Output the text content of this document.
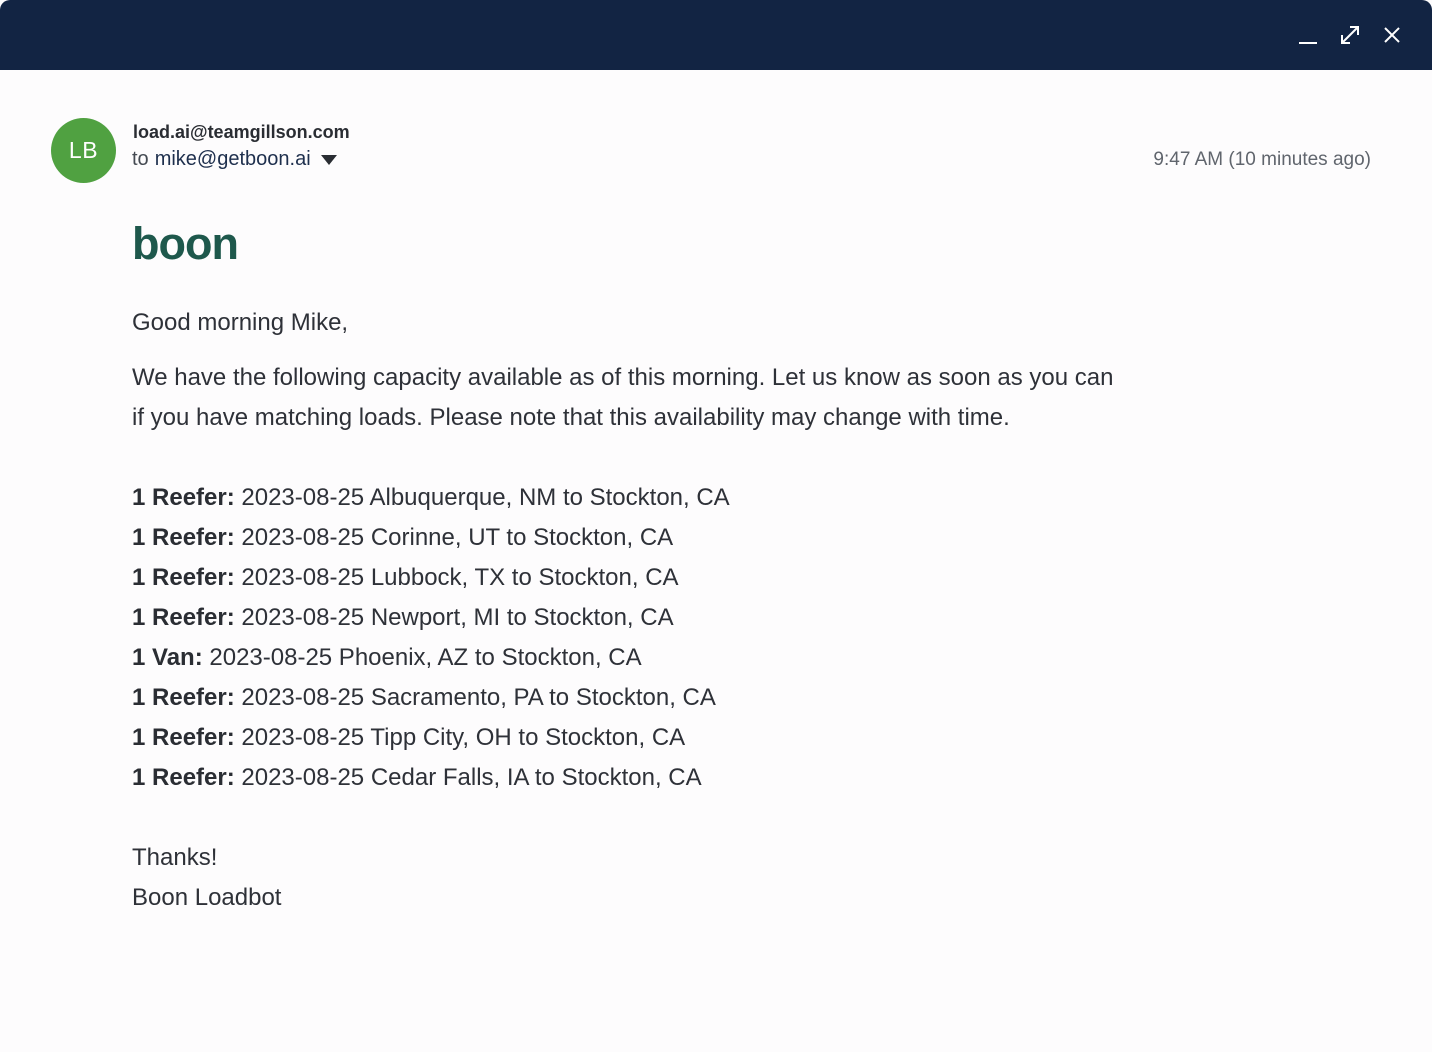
LB
load.ai@teamgillson.com
to mike@getboon.ai	9:47 AM (10 minutes ago)
boon

Good morning Mike,

We have the following capacity available as of this morning. Let us know as soon as you can if you have matching loads. Please note that this availability may change with time.

1 Reefer: 2023-08-25 Albuquerque, NM to Stockton, CA
1 Reefer: 2023-08-25 Corinne, UT to Stockton, CA
1 Reefer: 2023-08-25 Lubbock, TX to Stockton, CA
1 Reefer: 2023-08-25 Newport, MI to Stockton, CA
1 Van: 2023-08-25 Phoenix, AZ to Stockton, CA
1 Reefer: 2023-08-25 Sacramento, PA to Stockton, CA
1 Reefer: 2023-08-25 Tipp City, OH to Stockton, CA
1 Reefer: 2023-08-25 Cedar Falls, IA to Stockton, CA

Thanks!

Boon Loadbot
